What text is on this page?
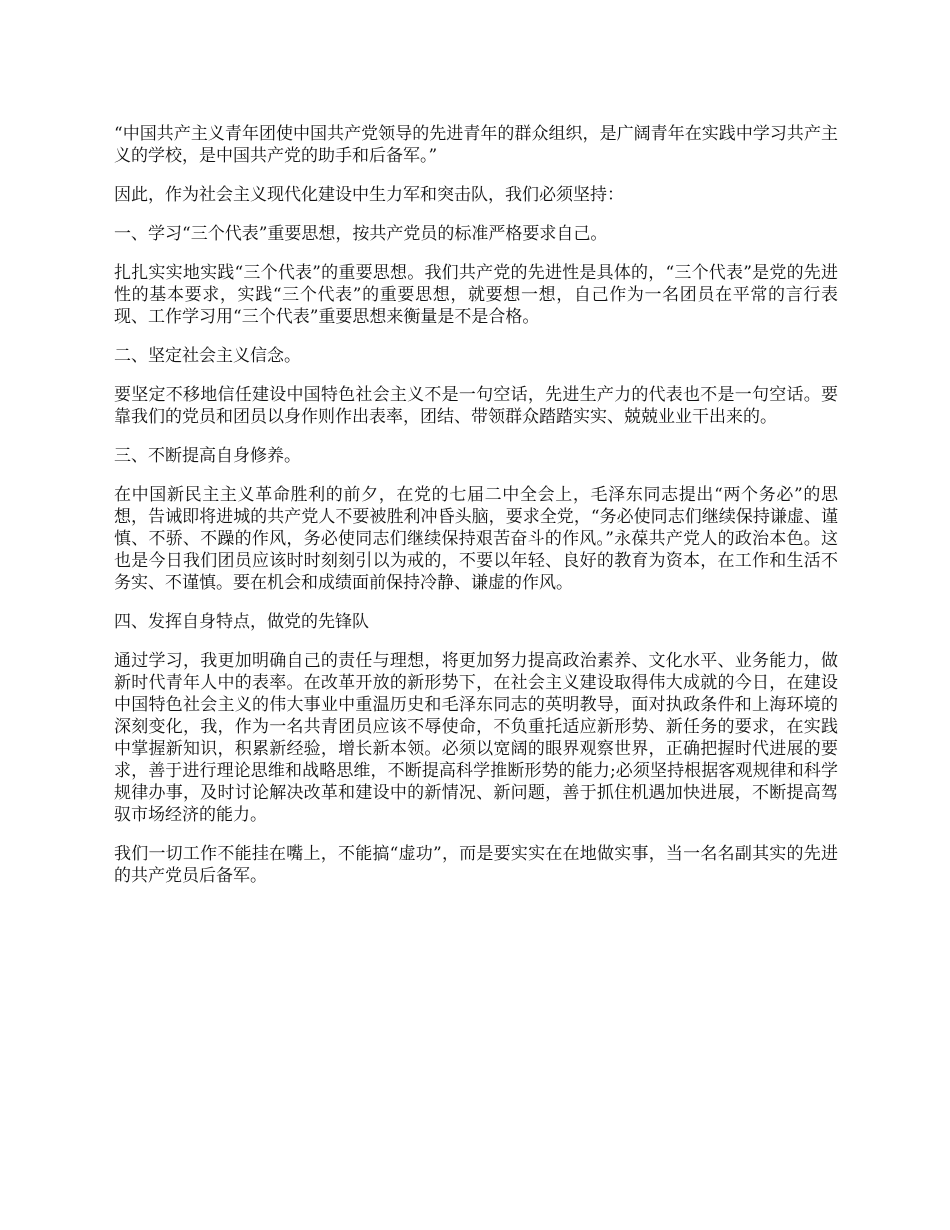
“中国共产主义青年团使中国共产党领导的先进青年的群众组织，是广阔青年在实践中学习共产主义的学校，是中国共产党的助手和后备军。”

因此，作为社会主义现代化建设中生力军和突击队，我们必须坚持：

一、学习“三个代表”重要思想，按共产党员的标准严格要求自己。

扎扎实实地实践“三个代表”的重要思想。我们共产党的先进性是具体的，“三个代表”是党的先进性的基本要求，实践“三个代表”的重要思想，就要想一想，自己作为一名团员在平常的言行表现、工作学习用“三个代表”重要思想来衡量是不是合格。

二、坚定社会主义信念。

要坚定不移地信任建设中国特色社会主义不是一句空话，先进生产力的代表也不是一句空话。要靠我们的党员和团员以身作则作出表率，团结、带领群众踏踏实实、兢兢业业干出来的。

三、不断提高自身修养。

在中国新民主主义革命胜利的前夕，在党的七届二中全会上，毛泽东同志提出“两个务必”的思想，告诫即将进城的共产党人不要被胜利冲昏头脑，要求全党，“务必使同志们继续保持谦虚、谨慎、不骄、不躁的作风，务必使同志们继续保持艰苦奋斗的作风。”永葆共产党人的政治本色。这也是今日我们团员应该时时刻刻引以为戒的，不要以年轻、良好的教育为资本，在工作和生活不务实、不谨慎。要在机会和成绩面前保持冷静、谦虚的作风。

四、发挥自身特点，做党的先锋队

通过学习，我更加明确自己的责任与理想，将更加努力提高政治素养、文化水平、业务能力，做新时代青年人中的表率。在改革开放的新形势下，在社会主义建设取得伟大成就的今日，在建设中国特色社会主义的伟大事业中重温历史和毛泽东同志的英明教导，面对执政条件和上海环境的深刻变化，我，作为一名共青团员应该不辱使命，不负重托适应新形势、新任务的要求，在实践中掌握新知识，积累新经验，增长新本领。必须以宽阔的眼界观察世界，正确把握时代进展的要求，善于进行理论思维和战略思维，不断提高科学推断形势的能力;必须坚持根据客观规律和科学规律办事，及时讨论解决改革和建设中的新情况、新问题，善于抓住机遇加快进展，不断提高驾驭市场经济的能力。

我们一切工作不能挂在嘴上，不能搞“虚功”，而是要实实在在地做实事，当一名名副其实的先进的共产党员后备军。
